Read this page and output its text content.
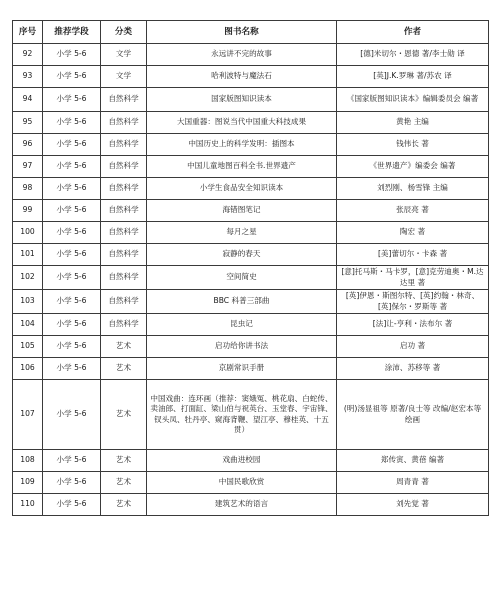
序号	推荐学段	分类	图书名称	作者
92	小学 5-6	文学	永远讲不完的故事	[德]米切尔・恩德 著/李士勋 译
93	小学 5-6	文学	哈利波特与魔法石	[英]J.K.罗琳 著/苏农 译
94	小学 5-6	自然科学	国家版图知识读本	《国家版图知识读本》编辑委员会 编著
95	小学 5-6	自然科学	大国重器：图说当代中国重大科技成果	黄艳 主编
96	小学 5-6	自然科学	中国历史上的科学发明：插图本	钱伟长 著
97	小学 5-6	自然科学	中国儿童地图百科全书.世界遗产	《世界遗产》编委会 编著
98	小学 5-6	自然科学	小学生食品安全知识读本	刘烈刚、杨雪锋 主编
99	小学 5-6	自然科学	海错图笔记	张辰亮 著
100	小学 5-6	自然科学	每月之星	陶宏 著
101	小学 5-6	自然科学	寂静的春天	[美]蕾切尔・卡森 著
102	小学 5-6	自然科学	空间简史	[意]托马斯・马卡罗，[意]克劳迪奥・M.达达里 著
103	小学 5-6	自然科学	BBC 科普三部曲	[英]伊恩・斯图尔特、[英]约翰・林奇、[英]保尔・罗斯等 著
104	小学 5-6	自然科学	昆虫记	[法]让-亨利・法布尔 著
105	小学 5-6	艺术	启功给你讲书法	启功 著
106	小学 5-6	艺术	京剧常识手册	涂沛、苏移等 著
107	小学 5-6	艺术	中国戏曲：连环画（推荐：窦娥冤、桃花扇、白蛇传、卖油郎、打面缸、梁山伯与祝英台、玉堂春、宇宙锋、钗头凤、牡丹亭、窥海背鞭、望江亭、穆桂英、十五贯）	(明)汤显祖等 原著/良士等 改编/赵宏本等 绘画
108	小学 5-6	艺术	戏曲进校园	郑传寅、黄蓓 编著
109	小学 5-6	艺术	中国民歌欣赏	周青青 著
110	小学 5-6	艺术	建筑艺术的语言	刘先觉 著
